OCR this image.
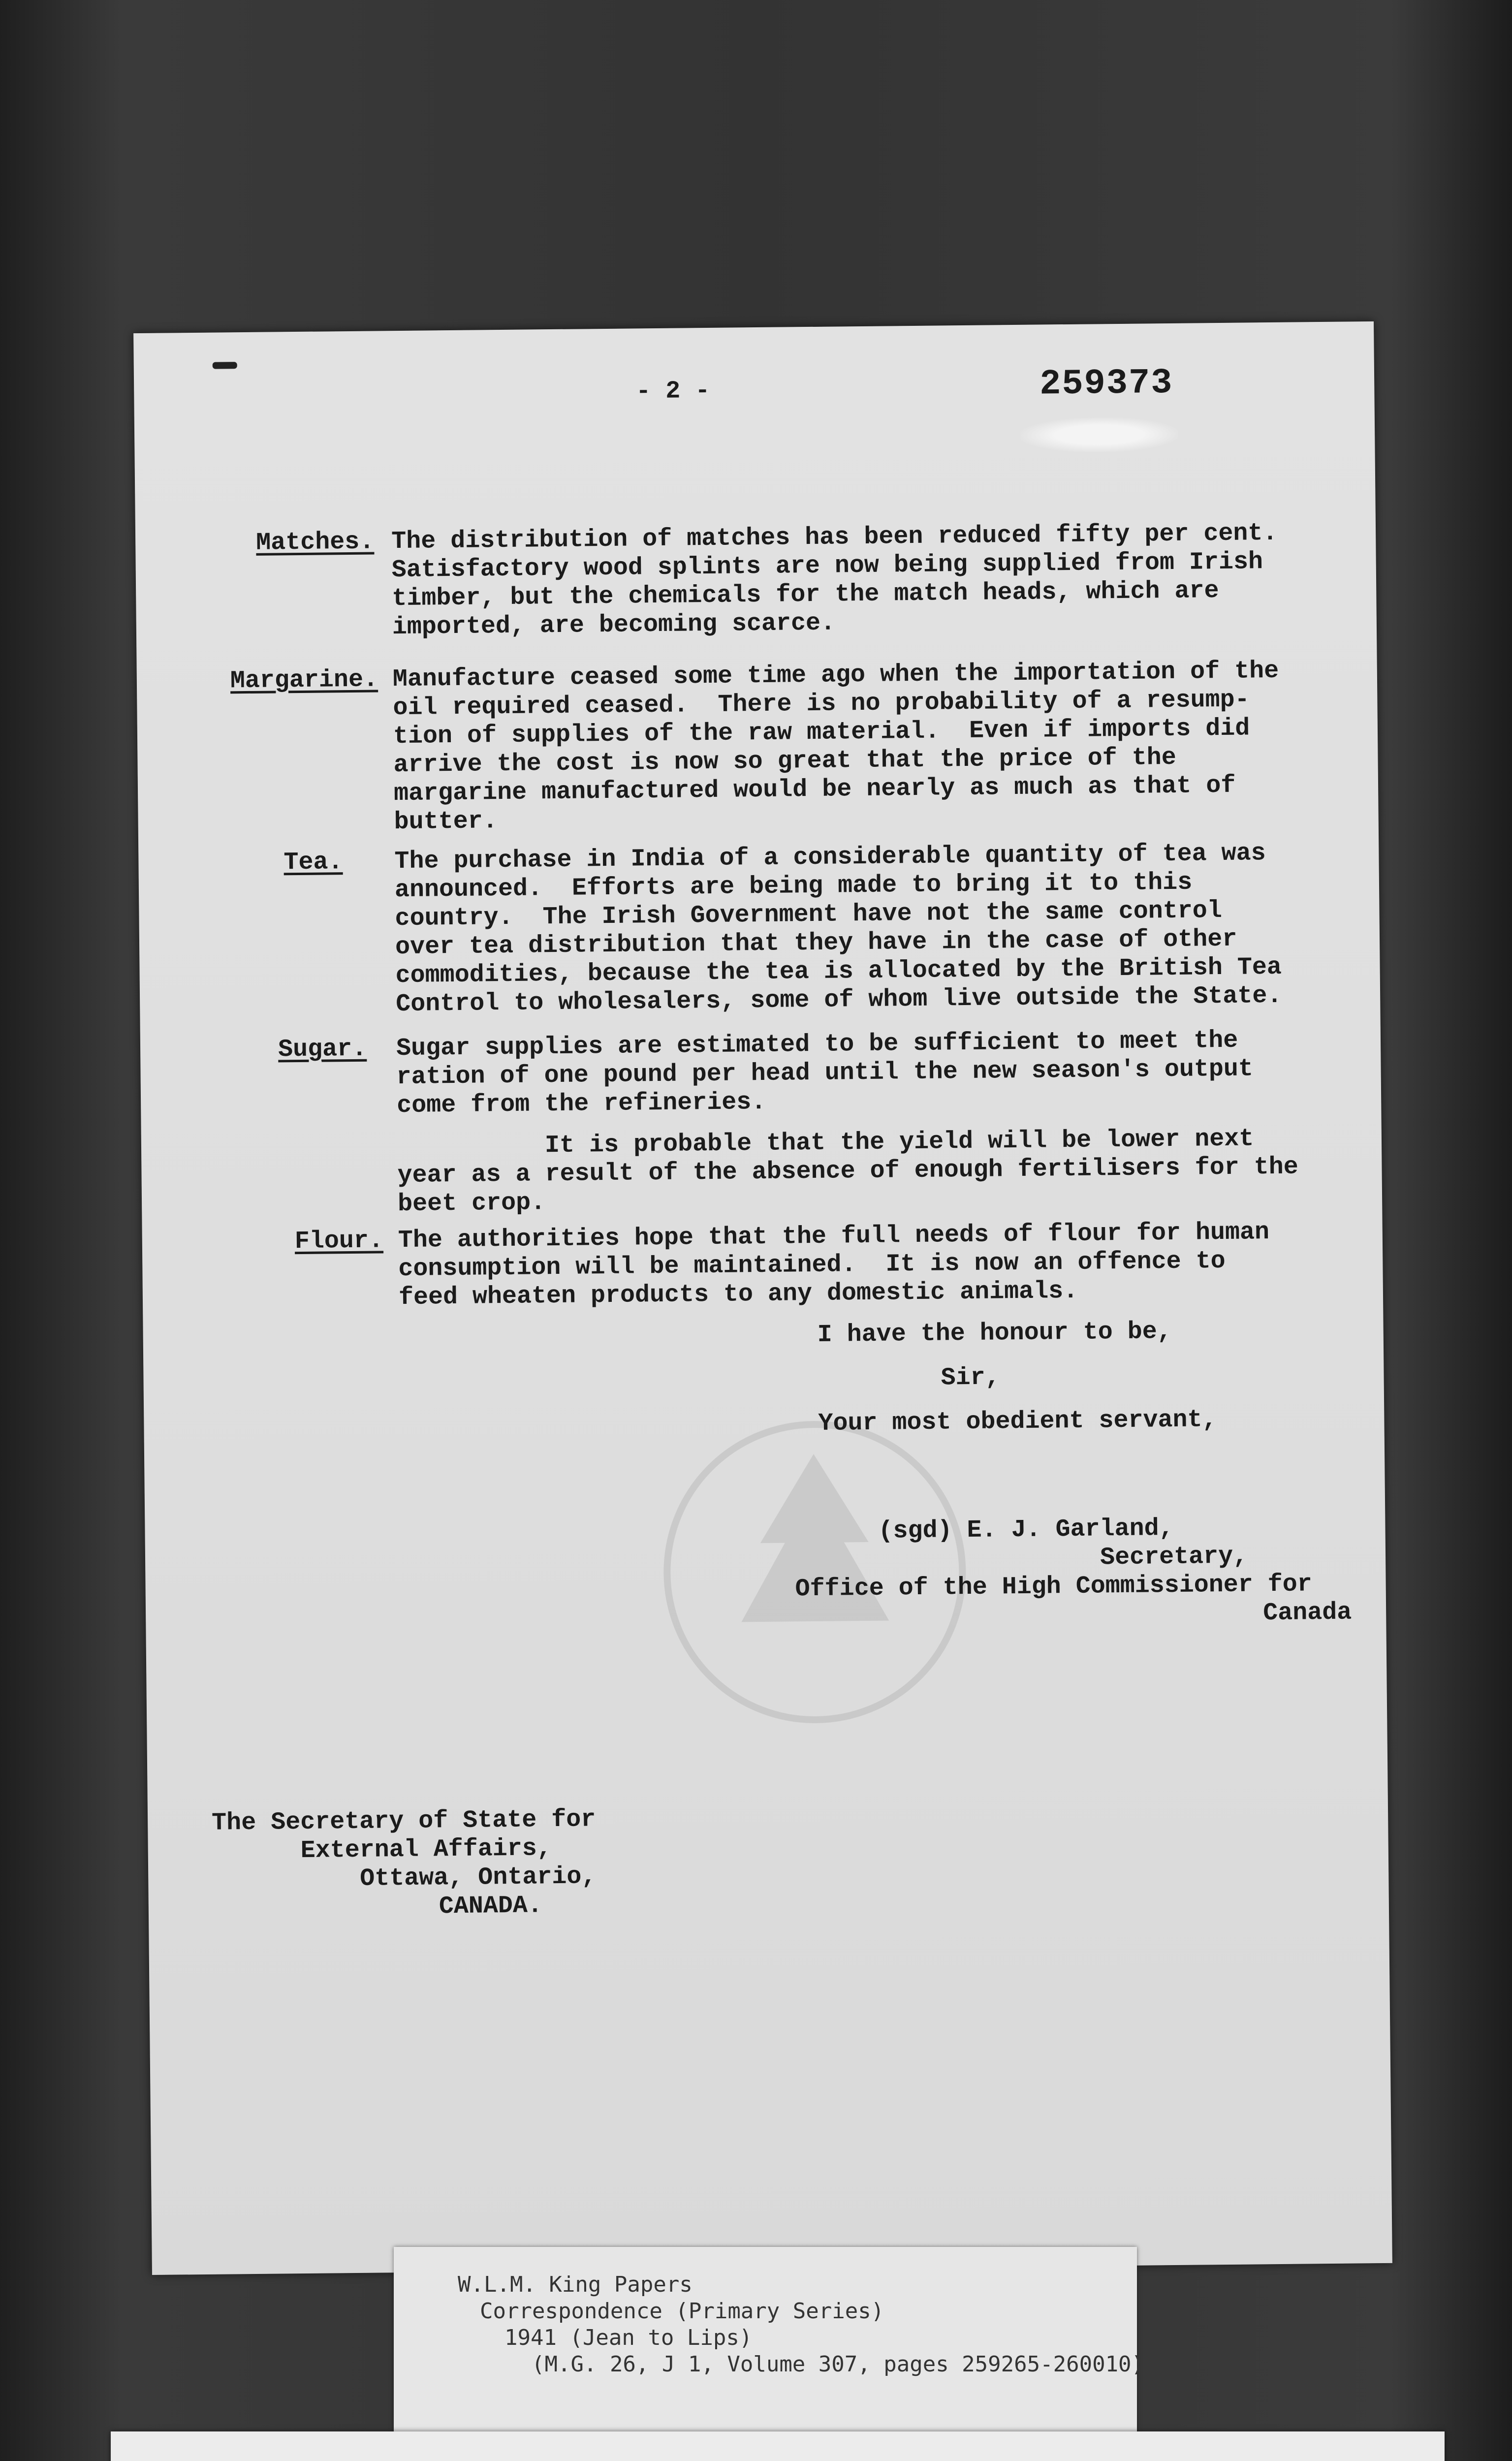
- 2 -	259373
Matches. The distribution of matches has been reduced fifty per cent.
Satisfactory wood splints are now being supplied from Irish
timber, but the chemicals for the match heads, which are
imported, are becoming scarce.
Margarine. Manufacture ceased some time ago when the importation of the
oil required ceased.  There is no probability of a resump-
tion of supplies of the raw material.  Even if imports did
arrive the cost is now so great that the price of the
margarine manufactured would be nearly as much as that of
butter.
Tea. The purchase in India of a considerable quantity of tea was
announced.  Efforts are being made to bring it to this
country.  The Irish Government have not the same control
over tea distribution that they have in the case of other
commodities, because the tea is allocated by the British Tea
Control to wholesalers, some of whom live outside the State.
Sugar. Sugar supplies are estimated to be sufficient to meet the
ration of one pound per head until the new season's output
come from the refineries.
It is probable that the yield will be lower next
year as a result of the absence of enough fertilisers for the
beet crop.
Flour. The authorities hope that the full needs of flour for human
consumption will be maintained.  It is now an offence to
feed wheaten products to any domestic animals.
I have the honour to be,
Sir,
Your most obedient servant,
(sgd) E. J. Garland,
Secretary,
Office of the High Commissioner for
Canada
The Secretary of State for
External Affairs,
Ottawa, Ontario,
CANADA.
W.L.M. King Papers
Correspondence (Primary Series)
1941 (Jean to Lips)
(M.G. 26, J 1, Volume 307, pages 259265-260010)
